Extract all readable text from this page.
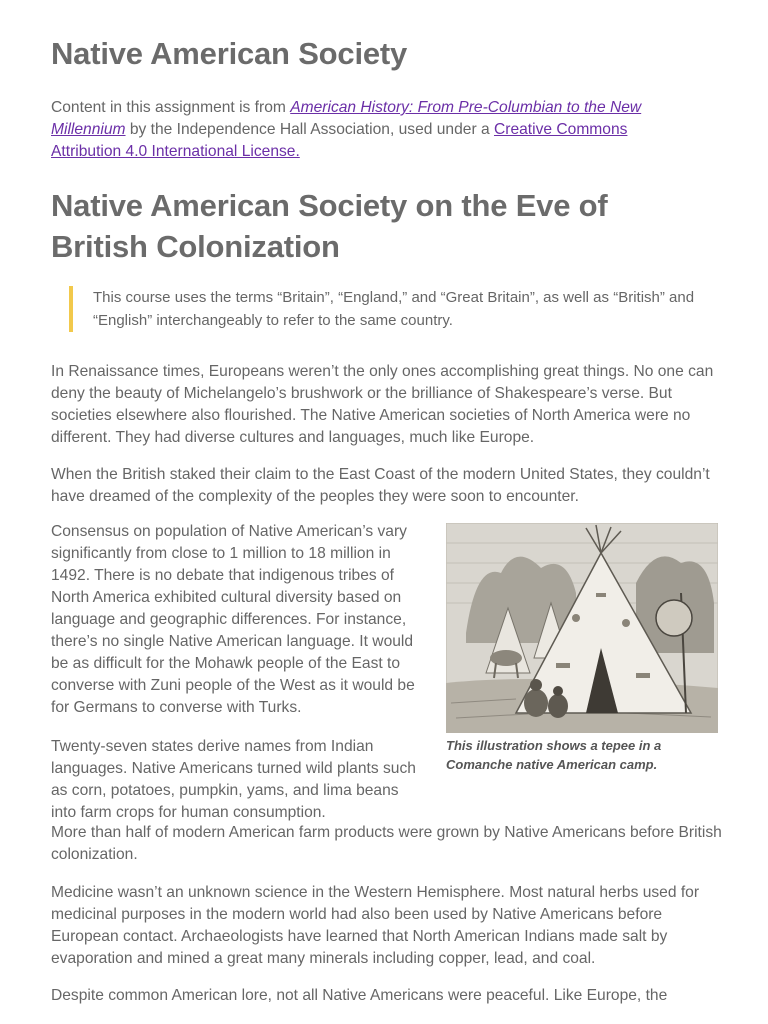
Native American Society

Content in this assignment is from American History: From Pre-Columbian to the New Millennium by the Independence Hall Association, used under a Creative Commons Attribution 4.0 International License.

Native American Society on the Eve of British Colonization
This course uses the terms “Britain”, “England,” and “Great Britain”, as well as “British” and “English” interchangeably to refer to the same country.

In Renaissance times, Europeans weren’t the only ones accomplishing great things. No one can deny the beauty of Michelangelo’s brushwork or the brilliance of Shakespeare’s verse. But societies elsewhere also flourished. The Native American societies of North America were no different. They had diverse cultures and languages, much like Europe.

When the British staked their claim to the East Coast of the modern United States, they couldn’t have dreamed of the complexity of the peoples they were soon to encounter.

Consensus on population of Native American’s vary significantly from close to 1 million to 18 million in 1492. There is no debate that indigenous tribes of North America exhibited cultural diversity based on language and geographic differences. For instance, there’s no single Native American language. It would be as difficult for the Mohawk people of the East to converse with Zuni people of the West as it would be for Germans to converse with Turks.

Twenty-seven states derive names from Indian languages. Native Americans turned wild plants such as corn, potatoes, pumpkin, yams, and lima beans into farm crops for human consumption.

More than half of modern American farm products were grown by Native Americans before British colonization.

Medicine wasn’t an unknown science in the Western Hemisphere. Most natural herbs used for medicinal purposes in the modern world had also been used by Native Americans before European contact. Archaeologists have learned that North American Indians made salt by evaporation and mined a great many minerals including copper, lead, and coal.

Despite common American lore, not all Native Americans were peaceful. Like Europe, the

This illustration shows a tepee in a Comanche native American camp.
